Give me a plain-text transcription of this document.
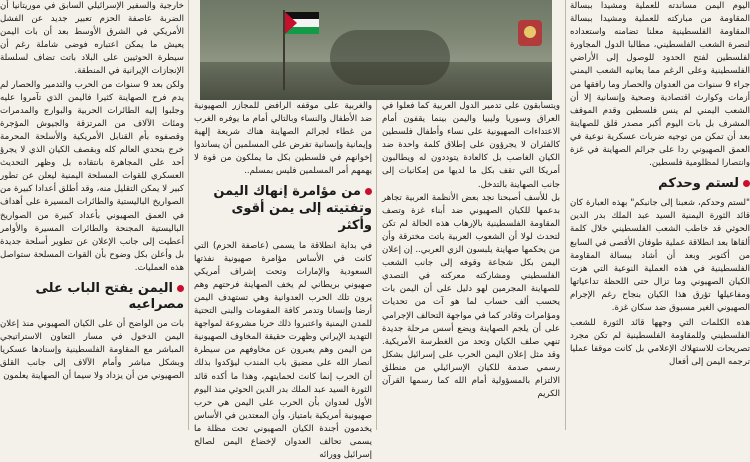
اليوم اليمن مساندته للعملية ومشيدا ببسالة المقاومة من مباركته للعملية ومشيدا ببسالة المقاومة الفلسطينية معلنا تضامنه واستعداده لنصرة الشعب الفلسطيني، مطالبا الدول المجاورة لفلسطين لفتح الحدود للوصول إلى الأراضي الفلسطينية وعلى الرغم مما يعانيه الشعب اليمني جراء 9 سنوات من العدوان والحصار وما رافقها من أزمات وكوارث اقتصادية وصحية وإنسانية إلا أن الشعب اليمني لم ينس فلسطين وقدم الموقف المشرف بل بات اليوم أكبر مصدر قلق للصهاينة بعد أن تمكن من توجيه ضربات عسكرية نوعية في العمق الصهيوني ردا على جرائم الصهاينة في غزة وانتصارا لمظلومية فلسطين.

لستم وحدكم

"لستم وحدكم، شعبنا إلى جانبكم" بهذه العبارة كان قائد الثورة اليمنية السيد عبد الملك بدر الدين الحوثي قد خاطب الشعب الفلسطيني خلال كلمة ألقاها بعد انطلاقة عملية طوفان الأقصى في السابع من أكتوبر وبعد أن أشاد ببسالة المقاومة الفلسطينية في هذه العملية النوعية التي هزت الكيان الصهيوني وما تزال حتى اللحظة تداعياتها ومفاعيلها تؤرق هذا الكيان بنجاح رغم الإجرام الصهيوني الغير مسبوق ضد سكان غزة.

هذه الكلمات التي وجهها قائد الثورة للشعب الفلسطيني وللمقاومة الفلسطينية لم تكن مجرد تصريحات للاستهلاك الإعلامي بل كانت موقفا عمليا ترجمه اليمن إلى أفعال

ويتسابقون على تدمير الدول العربية كما فعلوا في العراق وسوريا وليبيا واليمن بينما يقفون أمام الاعتداءات الصهيونية على نساء وأطفال فلسطين كالفئران لا يجرؤون على إطلاق كلمة واحدة ضد الكيان الغاصب بل كالعادة يتوددون له ويطالبون أمريكا التي تقف بكل ما لديها من إمكانيات إلى جانب الصهاينة بالتدخل.

بل للأسف أصبحنا نجد بعض الأنظمة العربية تجاهر بدعمها للكيان الصهيوني ضد أبناء غزة وتصف المقاومة الفلسطينية بالإرهاب هذه الحالة لم تكن لتحدث لولا أن الشعوب العربية باتت مخترقة وأن من يحكمها صهاينة يلبسون الزي العربي.. إن إعلان اليمن بكل شجاعة وقوفه إلى جانب الشعب الفلسطيني ومشاركته معركته في التصدي للصهاينة المجرمين لهو دليل على أن اليمن بات يحسب ألف حساب لما هو آت من تحديات ومؤامرات وقادر كما في مواجهة التحالف الإجرامي على أن يلجم الصهاينة ويضع أسس مرحلة جديدة تنهي صلف الكيان وتحد من الغطرسة الأمريكية. وقد مثل إعلان اليمن الحرب على إسرائيل بشكل رسمي صدمة للكيان الإسرائيلي من منطلق الالتزام بالمسؤولية أمام الله كما رسمها القرآن الكريم

والغربية على موقفه الرافض للمجازر الصهيونية ضد الأطفال والنساء وبالتالي أمام ما يوفره الغرب من غطاء لجرائم الصهاينة هناك شريعة إلهية وإيمانية وإنسانية تفرض على المسلمين أن يساندوا إخوانهم في فلسطين بكل ما يملكون من قوة لا يهمهم أمر المسلمين فليس بمسلم..

من مؤامرة إنهاك اليمن وتفتيته إلى يمن أقوى وأكثر

في بداية انطلاقة ما يسمى (عاصفة الحزم) التي كانت في الأساس مؤامرة صهيونية نفذتها السعودية والإمارات وتحت إشراف أمريكي صهيوني بريطاني لم يخف الصهاينة فرحتهم وهم يرون تلك الحرب العدوانية وهي تستهدف اليمن أرضا وإنسانا وتدمر كافة المقومات والبنى التحتية للمدن اليمنية واعتبروا ذلك حربا مشروعة لمواجهة التهديد الإيراني وظهرت حقيقة المخاوف الصهيونية من اليمن وهم يعبرون عن مخاوفهم من سيطرة أنصار الله على مضيق باب المندب ليؤكدوا بذلك أن الحرب إنما كانت لحمايتهم، وهذا ما أكده قائد الثورة السيد عبد الملك بدر الدين الحوثي منذ اليوم الأول لعدوان بأن الحرب على اليمن هي حرب صهيونية أمريكية بامتياز، وأن المعتدين في الأساس يخدمون أجندة الكيان الصهيوني تحت مظلة ما يسمى تحالف العدوان لإخضاع اليمن لصالح إسرائيل وورائه

خارجية والسفير الإسرائيلي السابق في موريتانيا أن الضربة عاصفة الحزم تعبير جديد عن الفشل الأمريكي في الشرق الأوسط بعد أن بات اليمن يعيش ما يمكن اعتباره فوضى شاملة رغم أن سيطرة الحوثيين على البلاد باتت تضاف لسلسلة الإنجازات الإيرانية في المنطقة.

ولكن بعد 9 سنوات من الحرب والتدمير والحصار لم يدم فرح الصهاينة كثيرا فاليمن الذي تآمروا عليه وجلبوا إليه الطائرات الحربية والبوارج والمدمرات ومئات الآلاف من المرتزقة والجيوش المؤجرة وقصفوه بأم القنابل الأمريكية والأسلحة المحرمة خرج بتحدي العالم كله وبقصف الكيان الذي لا يجرؤ أحد على المجاهرة بانتقاده بل وظهر التحديث العسكري للقوات المسلحة اليمنية ليعلن عن تطور كبير لا يمكن التقليل منه، وقد أطلق أعدادا كبيرة من الصواريخ الباليستية والطائرات المسيرة على أهداف في العمق الصهيوني بأعداد كبيرة من الصواريخ الباليستية المجنحة والطائرات المسيرة والأوامر أعطيت إلى جانب الإعلان عن تطوير أسلحة جديدة بل وأعلن بكل وضوح بأن القوات المسلحة ستواصل هذه العمليات.

اليمن يفتح الباب على مصراعيه

بات من الواضح أن على الكيان الصهيوني منذ إعلان اليمن الدخول في مسار التعاون الاستراتيجي المباشر مع المقاومة الفلسطينية وإسنادها عسكريا وبشكل مباشر وأمام الآلاف إلى جانب القلق الصهيوني من أن يزداد ولا سيما أن الصهاينة يعلمون
